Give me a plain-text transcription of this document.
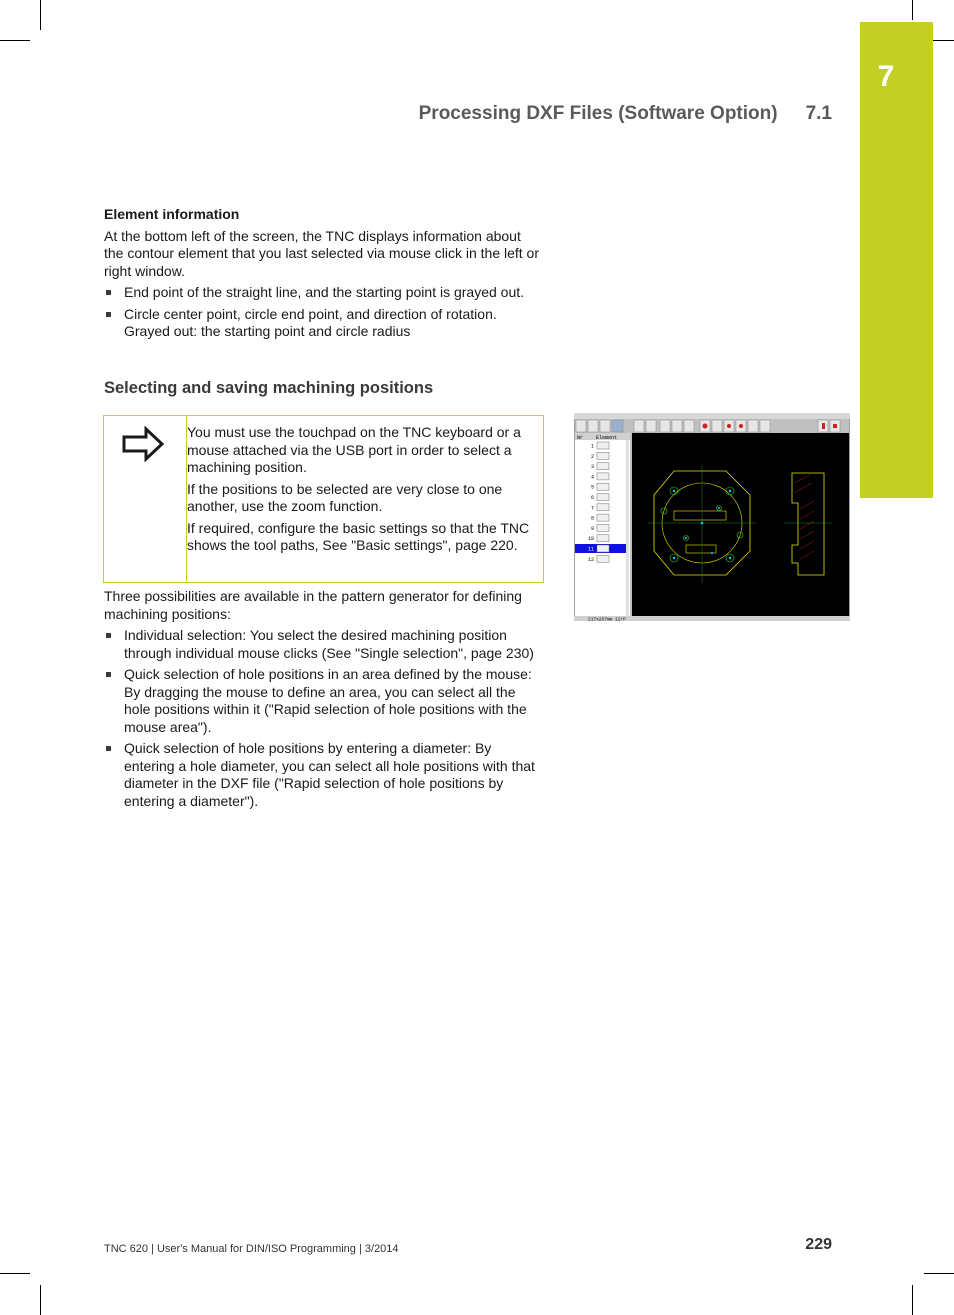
7
Processing DXF Files (Software Option) 7.1
Element information

At the bottom left of the screen, the TNC displays information about the contour element that you last selected via mouse click in the left or right window.

End point of the straight line, and the starting point is grayed out.
Circle center point, circle end point, and direction of rotation. Grayed out: the starting point and circle radius
Selecting and saving machining positions

You must use the touchpad on the TNC keyboard or a mouse attached via the USB port in order to select a machining position.

If the positions to be selected are very close to one another, use the zoom function.

If required, configure the basic settings so that the TNC shows the tool paths, See "Basic settings", page 220.

Three possibilities are available in the pattern generator for defining machining positions:

Individual selection: You select the desired machining position through individual mouse clicks (See "Single selection", page 230)
Quick selection of hole positions in an area defined by the mouse: By dragging the mouse to define an area, you can select all the hole positions within it ("Rapid selection of hole positions with the mouse area").
Quick selection of hole positions by entering a diameter: By entering a hole diameter, you can select all hole positions with that diameter in the DXF file ("Rapid selection of hole positions by entering a diameter").
Nr	Element
1
2
3
4
5
6
7
8
9
10
11
12
217x267mm 12+P
TNC 620 | User's Manual for DIN/ISO Programming | 3/2014	229
